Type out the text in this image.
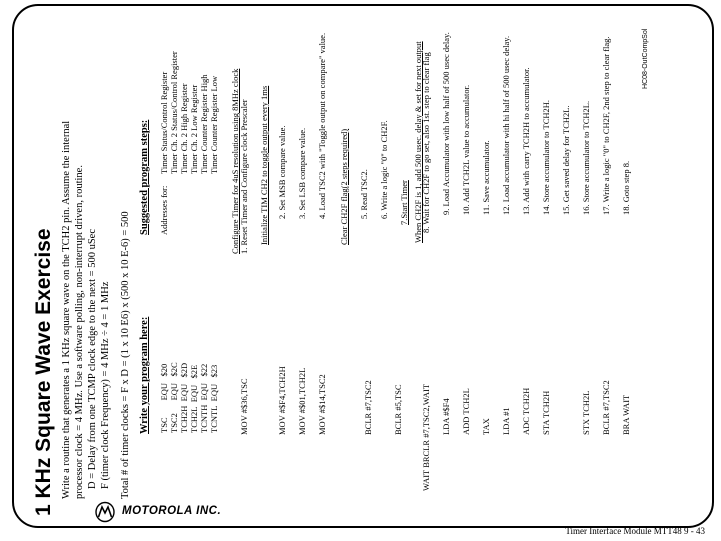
1 KHz Square Wave Exercise Write a routine that generates a 1 KHz square wave on the TCH2 pin. Assume the internal processor clock = 4 MHz. Use a software polling, non-interrupt driven, routine. D = Delay from one TCMP clock edge to the next = 500 uSec F (timer clock Frequency) = 4 MHz ÷ 4 = 1 MHz Total # of timer clocks = F x D = (1 x 10 E6) x (500 x 10 E-6) = 500 Write your program here:
Suggested program steps:
TSC        EQU   $20
TSC2      EQU   $2C
TCH2H  EQU   $2D
TCH2L  EQU   $2E
TCNTH  EQU   $22
TCNTL  EQU   $23
Addresses for:
Timer Status/Control Register Timer Ch. 2 Status/Control Register Timer Ch. 2 High Register Timer Ch. 2 Low Register Timer Counter Register High Timer Counter Register Low Configure Timer for 4uS resolution using 8MHz clock
MOV #$36,TSC
1. Reset Timer and Configure clock Prescaler Initialize TIM CH2 to toggle output every 1ms
MOV #$F4,TCH2H
2. Set MSB compare value.
MOV #$01,TCH2L
3. Set LSB compare value.
MOV #$14,TSC2
4. Load TSC2 with "Toggle output on compare" value. Clear CH2F flag(2 steps required)
BCLR #7,TSC2
5. Read TSC2.
BCLR #5,TSC
6. Write a logic "0" to CH2F. 7.Start Timer When CH2F is 1, add 500 usec. delay & set for next output
WAIT BRCLR #7,TSC2,WAIT
8. Wait for CH2F to go set, also 1st. step to clear flag
LDA #$F4
9. Load Accumulator with low half of 500 usec delay.
ADD TCH2L
10. Add TCH2L value to accumulator.
TAX
11. Save accumulator.
LDA #1
12. Load accumulator with hi half of 500 usec delay.
ADC TCH2H
13. Add with carry TCH2H to accumulator.
STA TCH2H
14. Store accumulator to TCH2H.
STX TCH2L
15. Get saved delay for TCH2L.
BCLR #7,TSC2
16. Store accumulator to TCH2L.
BRA WAIT
17. Write a logic "0" to CH2F, 2nd step to clear flag. 18. Goto step 8.
HC08-OutCompSol
MOTOROLA INC.
Timer Interface Module MTT48 9 - 43
